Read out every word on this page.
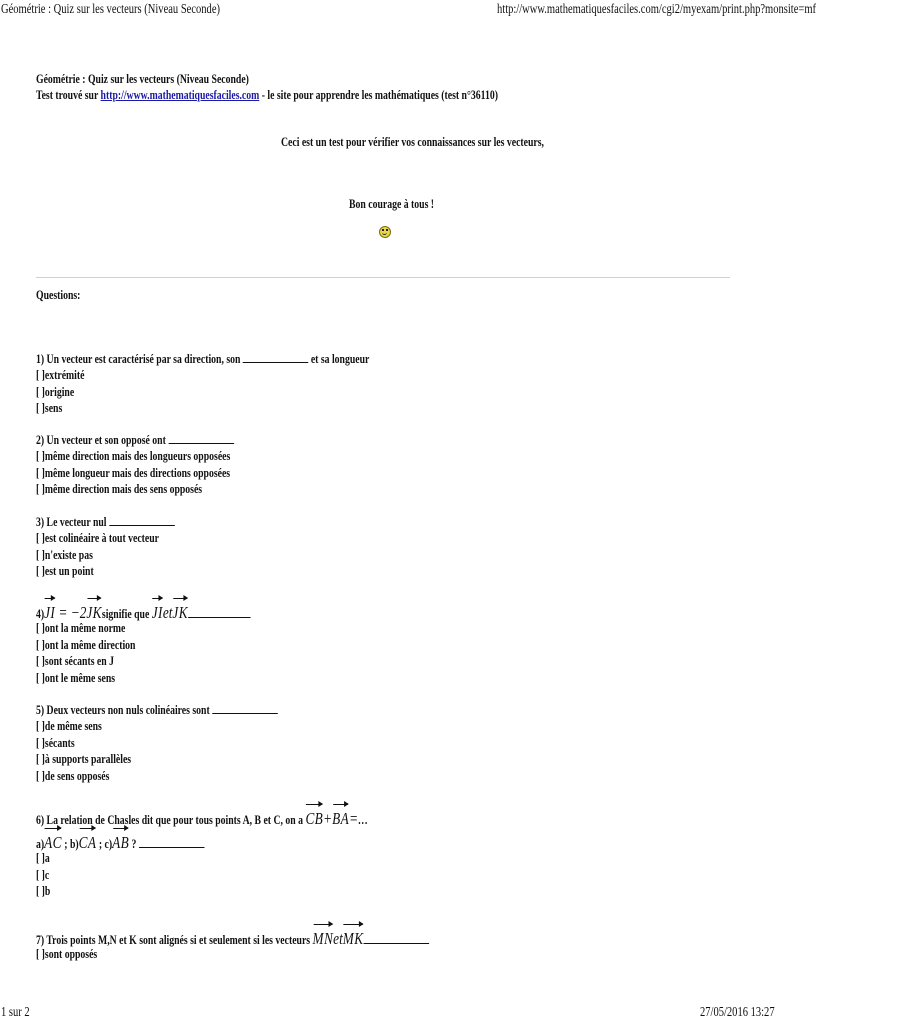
Géométrie : Quiz sur les vecteurs (Niveau Seconde)	http://www.mathematiquesfaciles.com/cgi2/myexam/print.php?monsite=mf
Géométrie : Quiz sur les vecteurs (Niveau Seconde)
Test trouvé sur http://www.mathematiquesfaciles.com - le site pour apprendre les mathématiques (test n°36110)
Ceci est un test pour vérifier vos connaissances sur les vecteurs,
Bon courage à tous !
Questions:
1) Un vecteur est caractérisé par sa direction, son	et sa longueur
[ ]extrémité
[ ]origine
[ ]sens
2) Un vecteur et son opposé ont
[ ]même direction mais des longueurs opposées
[ ]même longueur mais des directions opposées
[ ]même direction mais des sens opposés
3) Le vecteur nul
[ ]est colinéaire à tout vecteur
[ ]n'existe pas
[ ]est un point
4)JI = −2JKsignifie que JIetJK
[ ]ont la même norme
[ ]ont la même direction
[ ]sont sécants en J
[ ]ont le même sens
5) Deux vecteurs non nuls colinéaires sont
[ ]de même sens
[ ]sécants
[ ]à supports parallèles
[ ]de sens opposés
6) La relation de Chasles dit que pour tous points A, B et C, on a CB+BA=...
a)AC ; b)CA ; c)AB ?
[ ]a
[ ]c
[ ]b
7) Trois points M,N et K sont alignés si et seulement si les vecteurs MNetMK
[ ]sont opposés
1 sur 2	27/05/2016 13:27
